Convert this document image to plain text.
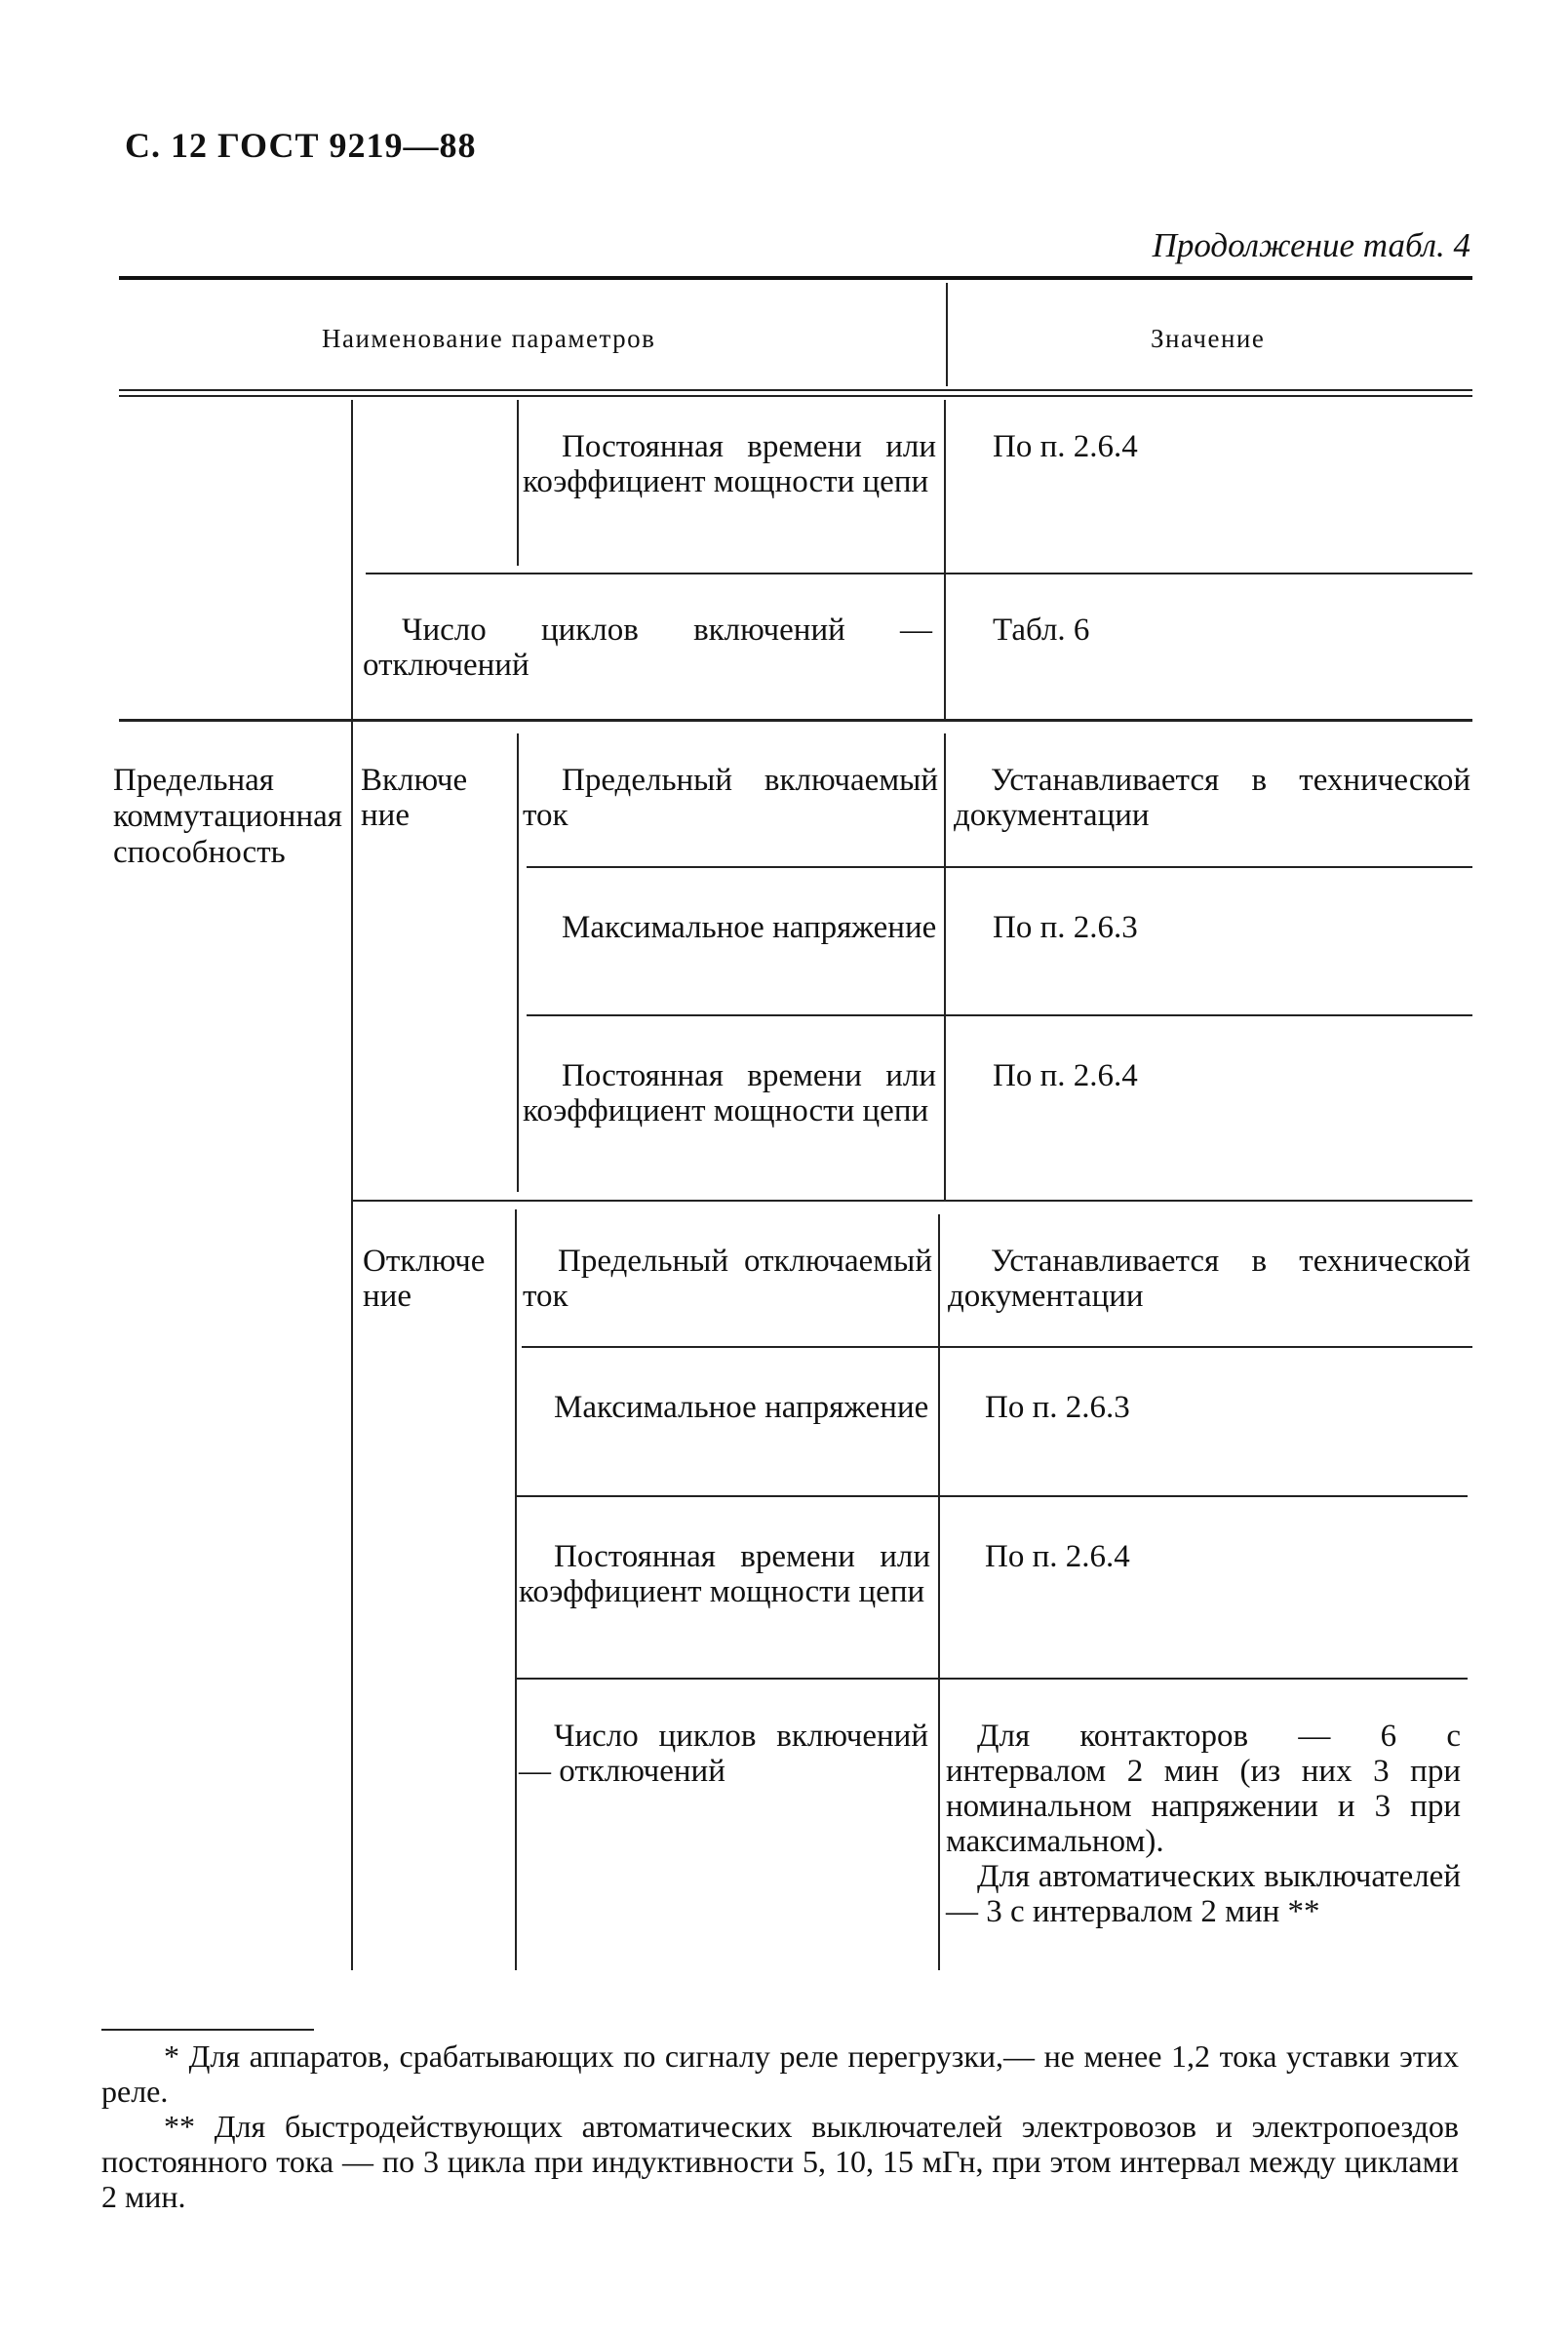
С. 12 ГОСТ 9219—88
Продолжение табл. 4
Наименование параметров	Значение
Постоянная времени или коэффициент мощности цепи
По п. 2.6.4
Число циклов включений — отключений
Табл. 6
Предельная коммутационная способность
Включение
Предельный включаемый ток
Устанавливается в технической документации
Максимальное напряжение По п. 2.6.3
Постоянная времени или коэффициент мощности цепи
По п. 2.6.4
Отключение
Предельный отключаемый ток
Устанавливается в технической документации
Максимальное напряжение По п. 2.6.3
Постоянная времени или коэффициент мощности цепи
По п. 2.6.4
Число циклов включений — отключений
Для контакторов — 6 с интервалом 2 мин (из них 3 при номинальном напряжении и 3 при максимальном).
Для автоматических выключателей — 3 с интервалом 2 мин **

* Для аппаратов, срабатывающих по сигналу реле перегрузки,— не менее 1,2 тока уставки этих реле.

** Для быстродействующих автоматических выключателей электровозов и электропоездов постоянного тока — по 3 цикла при индуктивности 5, 10, 15 мГн, при этом интервал между циклами 2 мин.
